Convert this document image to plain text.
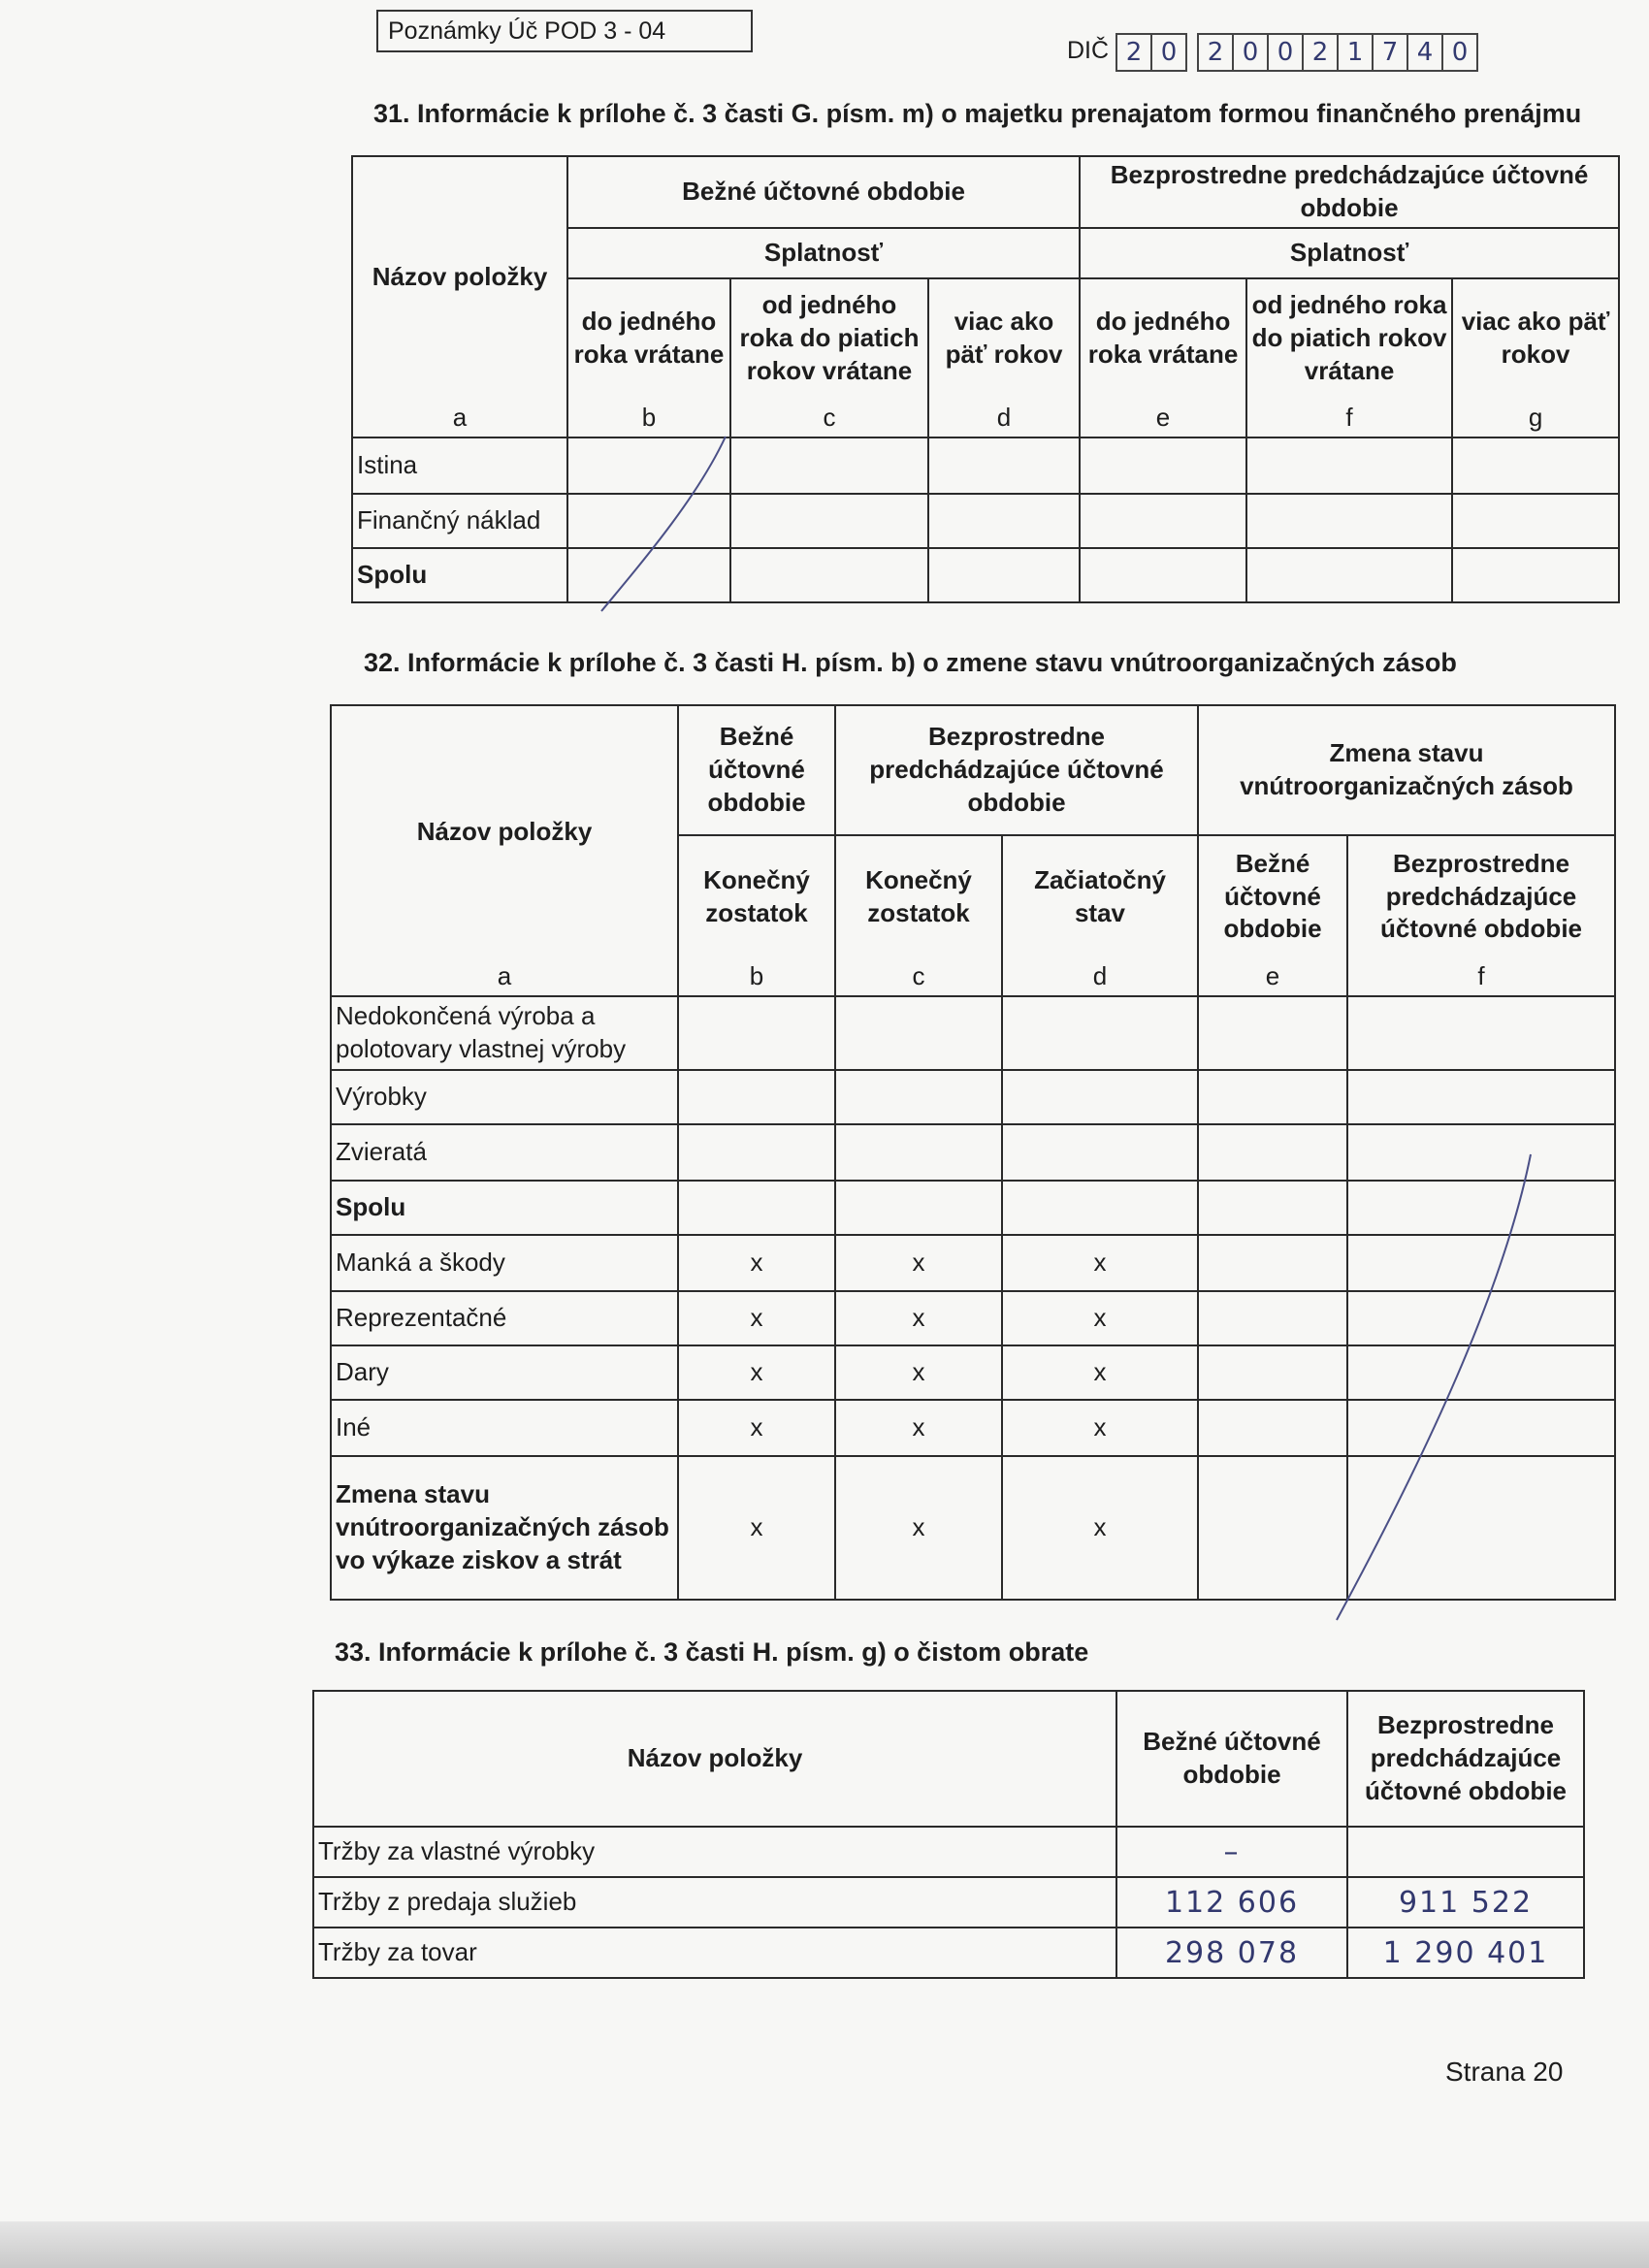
Poznámky Úč POD 3 - 04
DIČ 2 0	2 0 0 2 1 7 4 0
31. Informácie k prílohe č. 3 časti G. písm. m) o majetku prenajatom formou finančného prenájmu
Názov položky	Bežné účtovné obdobie			Bezprostredne predchádzajúce účtovné obdobie		
	Splatnosť			Splatnosť		
	do jedného roka vrátane	od jedného roka do piatich rokov vrátane	viac ako päť rokov	do jedného roka vrátane	od jedného roka do piatich rokov vrátane	viac ako päť rokov
a	b	c	d	e	f	g
Istina						
Finančný náklad						
Spolu						
32. Informácie k prílohe č. 3 časti H. písm. b) o zmene stavu vnútroorganizačných zásob
Názov položky	Bežné účtovné obdobie	Bezprostredne predchádzajúce účtovné obdobie		Zmena stavu vnútroorganizačných zásob	
	Konečný zostatok	Konečný zostatok	Začiatočný stav	Bežné účtovné obdobie	Bezprostredne predchádzajúce účtovné obdobie
a	b	c	d	e	f
Nedokončená výroba a polotovary vlastnej výroby					
Výrobky					
Zvieratá					
Spolu					
Manká a škody	x	x	x		
Reprezentačné	x	x	x		
Dary	x	x	x		
Iné	x	x	x		
Zmena stavu vnútroorganizačných zásob vo výkaze ziskov a strát	x	x	x		
33. Informácie k prílohe č. 3 časti H. písm. g) o čistom obrate
Názov položky	Bežné účtovné obdobie	Bezprostredne predchádzajúce účtovné obdobie
Tržby za vlastné výrobky	–	
Tržby z predaja služieb	112 606	911 522
Tržby za tovar	298 078	1 290 401
Strana 20
